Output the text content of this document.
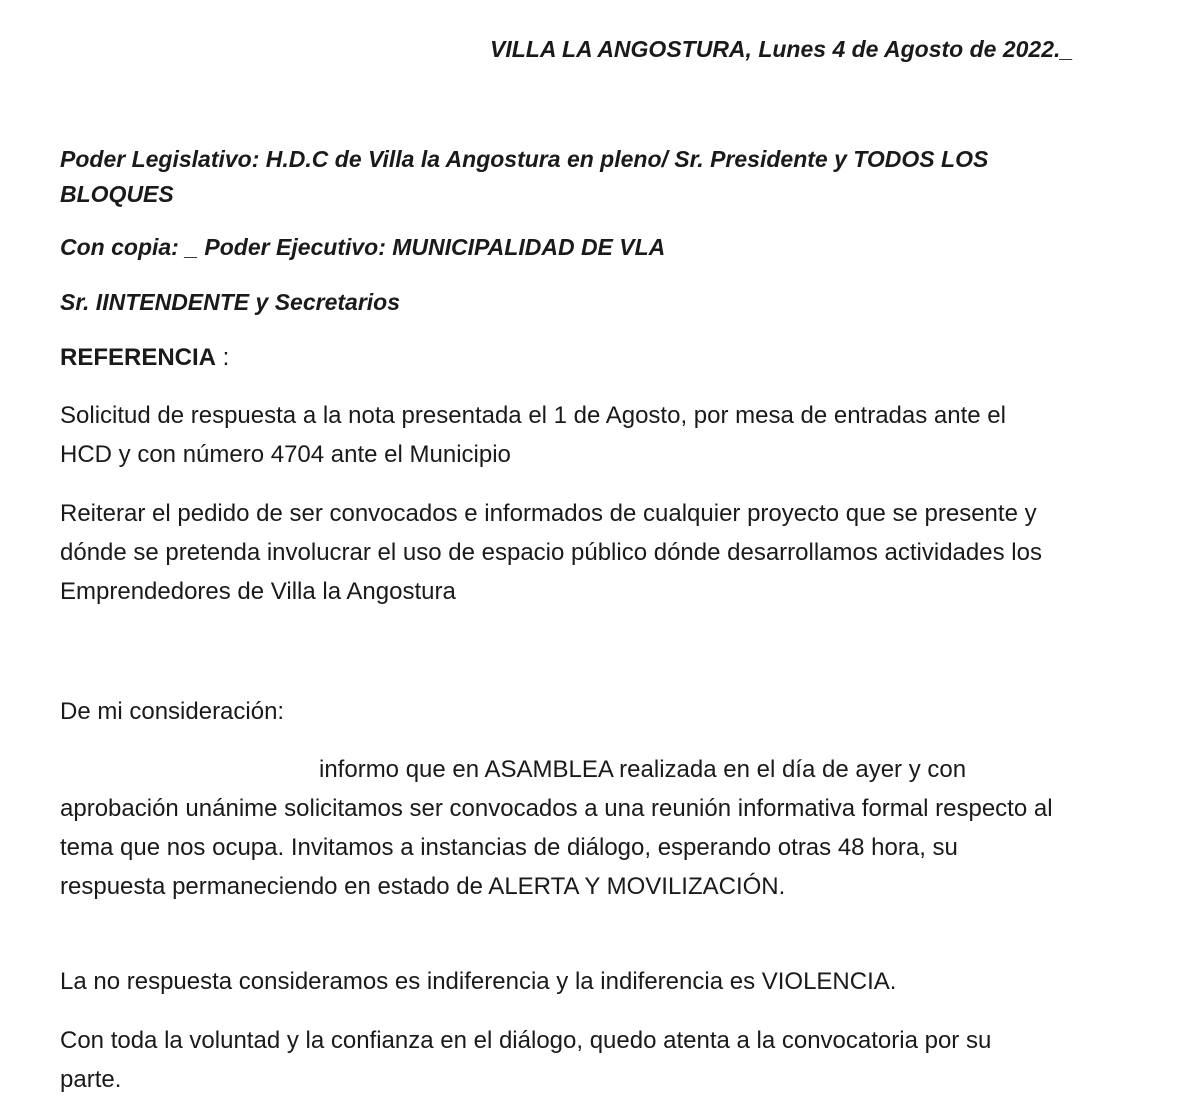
VILLA LA ANGOSTURA, Lunes 4 de Agosto de 2022._
Poder Legislativo: H.D.C de Villa la Angostura en pleno/ Sr. Presidente y TODOS LOS BLOQUES
Con copia: _ Poder Ejecutivo: MUNICIPALIDAD DE VLA
Sr. IINTENDENTE y Secretarios
REFERENCIA :

Solicitud de respuesta a la nota presentada el 1 de Agosto, por mesa de entradas ante el HCD y con número 4704 ante el Municipio

Reiterar el pedido de ser convocados e informados de cualquier proyecto que se presente y dónde se pretenda involucrar el uso de espacio público dónde desarrollamos actividades los Emprendedores de Villa la Angostura

De mi consideración:

informo que en ASAMBLEA realizada en el día de ayer y con aprobación unánime solicitamos ser convocados a una reunión informativa formal respecto al tema que nos ocupa. Invitamos a instancias de diálogo, esperando otras 48 hora, su respuesta permaneciendo en estado de ALERTA Y MOVILIZACIÓN.

La no respuesta consideramos es indiferencia y la indiferencia es VIOLENCIA.

Con toda la voluntad y la confianza en el diálogo, quedo atenta a la convocatoria por su parte.
